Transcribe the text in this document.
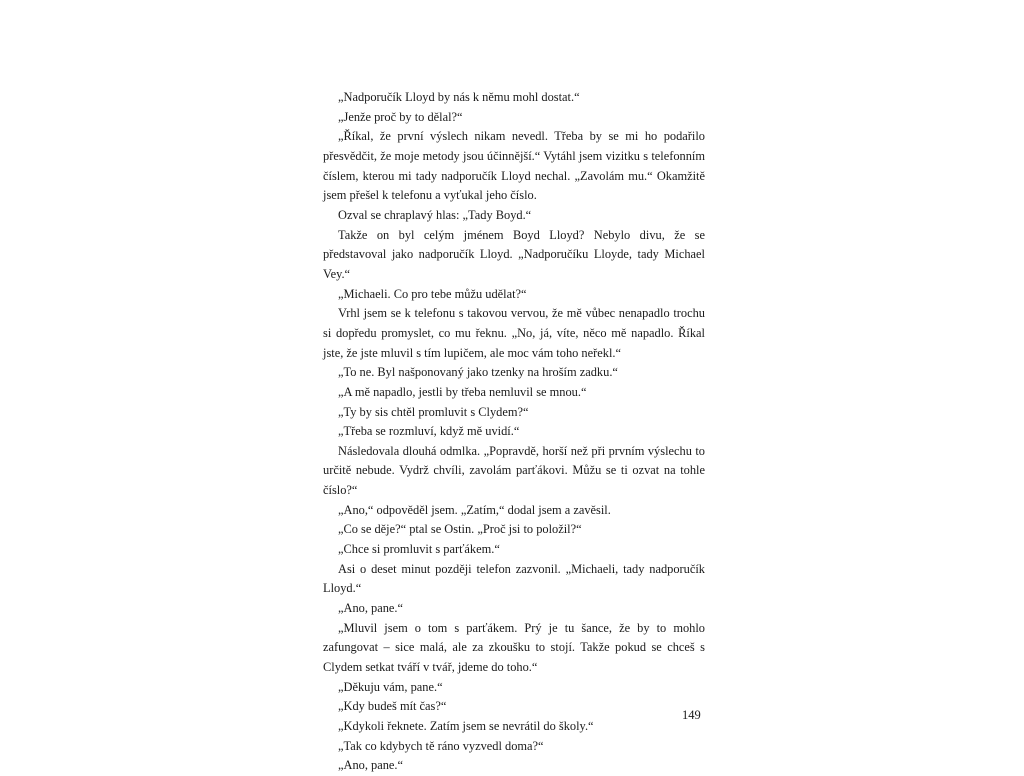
„Nadporučík Lloyd by nás k němu mohl dostat.“

„Jenže proč by to dělal?“

„Říkal, že první výslech nikam nevedl. Třeba by se mi ho podařilo přesvědčit, že moje metody jsou účinnější.“ Vytáhl jsem vizitku s telefonním číslem, kterou mi tady nadporučík Lloyd nechal. „Zavolám mu.“ Okamžitě jsem přešel k telefonu a vyťukal jeho číslo.

Ozval se chraplavý hlas: „Tady Boyd.“

Takže on byl celým jménem Boyd Lloyd? Nebylo divu, že se představoval jako nadporučík Lloyd. „Nadporučíku Lloyde, tady Michael Vey.“

„Michaeli. Co pro tebe můžu udělat?“

Vrhl jsem se k telefonu s takovou vervou, že mě vůbec nenapadlo trochu si dopředu promyslet, co mu řeknu. „No, já, víte, něco mě napadlo. Říkal jste, že jste mluvil s tím lupičem, ale moc vám toho neřekl.“

„To ne. Byl našponovaný jako tzenky na hroším zadku.“

„A mě napadlo, jestli by třeba nemluvil se mnou.“

„Ty by sis chtěl promluvit s Clydem?“

„Třeba se rozmluví, když mě uvidí.“

Následovala dlouhá odmlka. „Popravdě, horší než při prvním výslechu to určitě nebude. Vydrž chvíli, zavolám parťákovi. Můžu se ti ozvat na tohle číslo?“

„Ano,“ odpověděl jsem. „Zatím,“ dodal jsem a zavěsil.

„Co se děje?“ ptal se Ostin. „Proč jsi to položil?“

„Chce si promluvit s parťákem.“

Asi o deset minut později telefon zazvonil. „Michaeli, tady nadporučík Lloyd.“

„Ano, pane.“

„Mluvil jsem o tom s parťákem. Prý je tu šance, že by to mohlo zafungovat – sice malá, ale za zkoušku to stojí. Takže pokud se chceš s Clydem setkat tváří v tvář, jdeme do toho.“

„Děkuju vám, pane.“

„Kdy budeš mít čas?“

„Kdykoli řeknete. Zatím jsem se nevrátil do školy.“

„Tak co kdybych tě ráno vyzvedl doma?“

„Ano, pane.“

149
